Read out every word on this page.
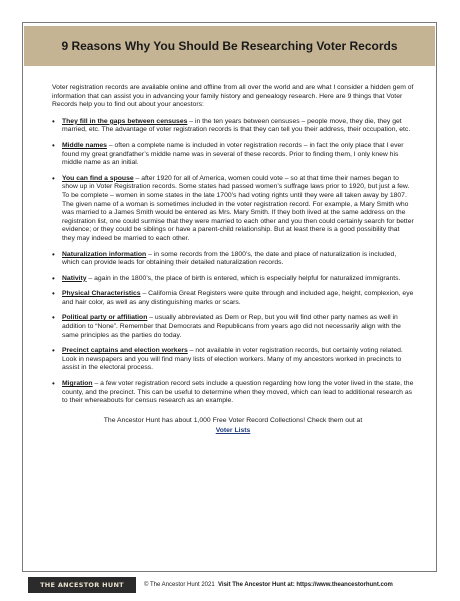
9 Reasons Why You Should Be Researching Voter Records

Voter registration records are available online and offline from all over the world and are what I consider a hidden gem of information that can assist you in advancing your family history and genealogy research. Here are 9 things that Voter Records help you to find out about your ancestors:

• They fill in the gaps between censuses – in the ten years between censuses – people move, they die, they get married, etc. The advantage of voter registration records is that they can tell you their address, their occupation, etc.
• Middle names – often a complete name is included in voter registration records – in fact the only place that I ever found my great grandfather’s middle name was in several of these records. Prior to finding them, I only knew his middle name as an initial.
• You can find a spouse – after 1920 for all of America, women could vote – so at that time their names began to show up in Voter Registration records. Some states had passed women’s suffrage laws prior to 1920, but just a few. To be complete – women in some states in the late 1700’s had voting rights until they were all taken away by 1807. The given name of a woman is sometimes included in the voter registration record. For example, a Mary Smith who was married to a James Smith would be entered as Mrs. Mary Smith. If they both lived at the same address on the registration list, one could surmise that they were married to each other and you then could certainly search for better evidence; or they could be siblings or have a parent-child relationship. But at least there is a good possibility that they may indeed be married to each other.
• Naturalization information – in some records from the 1800’s, the date and place of naturalization is included, which can provide leads for obtaining their detailed naturalization records.
• Nativity – again in the 1800’s, the place of birth is entered, which is especially helpful for naturalized immigrants.
• Physical Characteristics – California Great Registers were quite through and included age, height, complexion, eye and hair color, as well as any distinguishing marks or scars.
• Political party or affiliation – usually abbreviated as Dem or Rep, but you will find other party names as well in addition to “None”. Remember that Democrats and Republicans from years ago did not necessarily align with the same principles as the parties do today.
• Precinct captains and election workers – not available in voter registration records, but certainly voting related. Look in newspapers and you will find many lists of election workers. Many of my ancestors worked in precincts to assist in the electoral process.
• Migration – a few voter registration record sets include a question regarding how long the voter lived in the state, the county, and the precinct. This can be useful to determine when they moved, which can lead to additional research as to their whereabouts for census research as an example.
The Ancestor Hunt has about 1,000 Free Voter Record Collections! Check them out at
Voter Lists
THE ANCESTOR HUNT	© The Ancestor Hunt 2021 Visit The Ancestor Hunt at: https://www.theancestorhunt.com
